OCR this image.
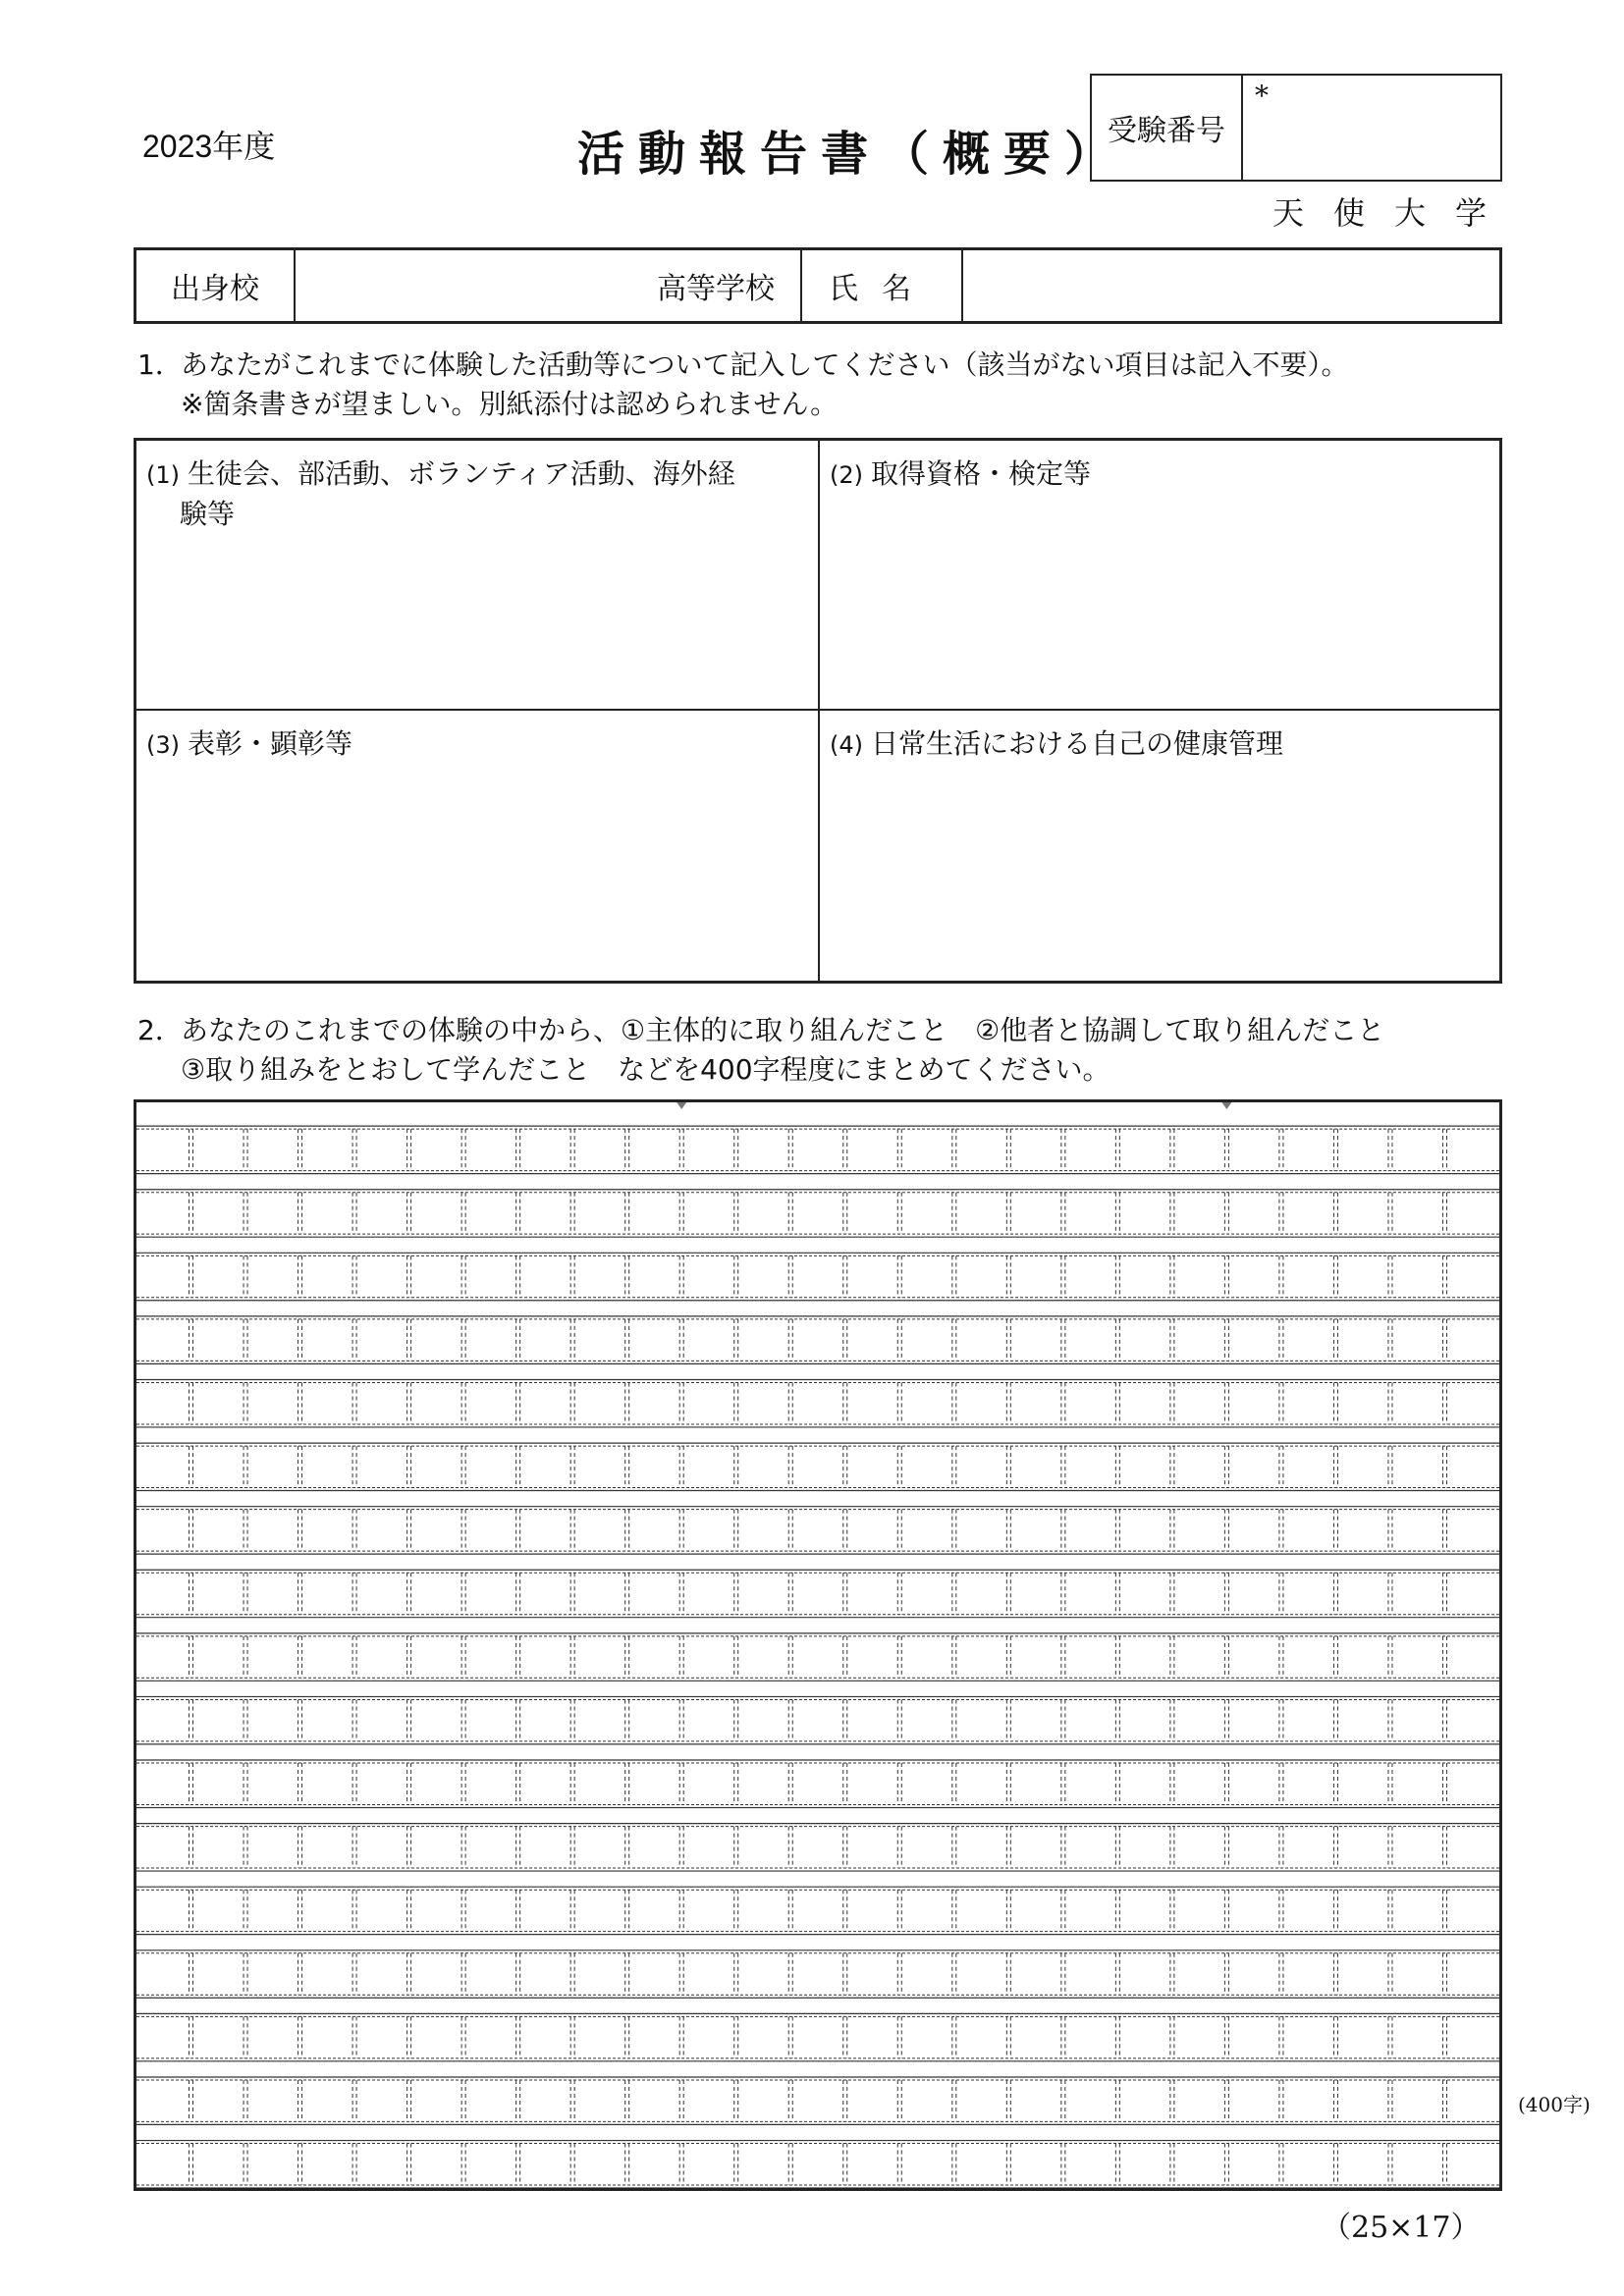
2023年度	活動報告書（概要）
受験番号
*
天使大学
出身校	高等学校	氏名
1．あなたがこれまでに体験した活動等について記入してください（該当がない項目は記入不要）。
※箇条書きが望ましい。別紙添付は認められません。
(1) 生徒会、部活動、ボランティア活動、海外経
験等
(2) 取得資格・検定等
(3) 表彰・顕彰等	(4) 日常生活における自己の健康管理
2．あなたのこれまでの体験の中から、①主体的に取り組んだこと　②他者と協調して取り組んだこと
③取り組みをとおして学んだこと　などを400字程度にまとめてください。
(400字)
（25×17）
